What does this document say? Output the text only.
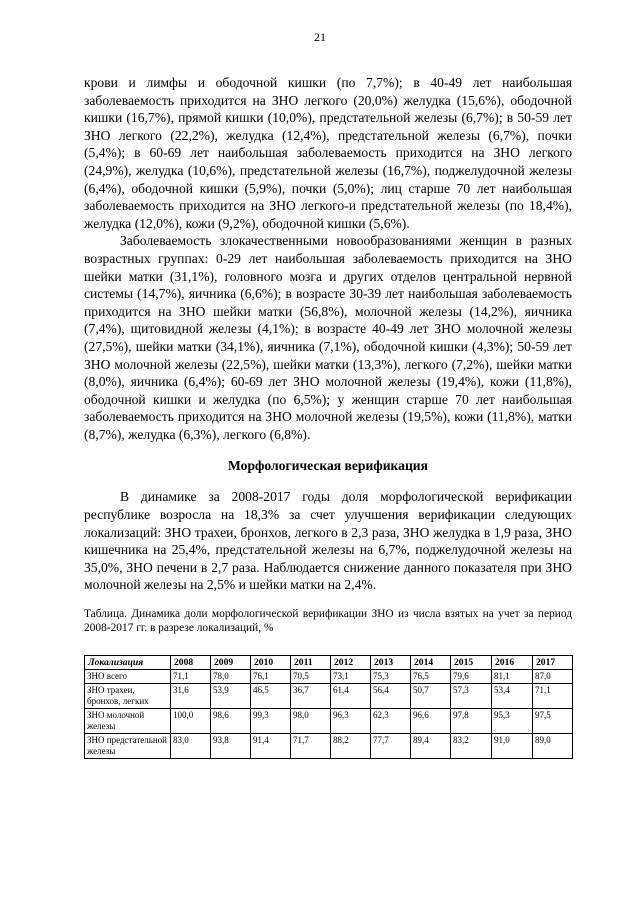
21

крови и лимфы и ободочной кишки (по 7,7%); в 40-49 лет наибольшая заболеваемость приходится на ЗНО легкого (20,0%) желудка (15,6%), ободочной кишки (16,7%), прямой кишки (10,0%), предстательной железы (6,7%); в 50-59 лет ЗНО легкого (22,2%), желудка (12,4%), предстательной железы (6,7%), почки (5,4%); в 60-69 лет наибольшая заболеваемость приходится на ЗНО легкого (24,9%), желудка (10,6%), предстательной железы (16,7%), поджелудочной железы (6,4%), ободочной кишки (5,9%), почки (5,0%); лиц старше 70 лет наибольшая заболеваемость приходится на ЗНО легкого-и предстательной железы (по 18,4%), желудка (12,0%), кожи (9,2%), ободочной кишки (5,6%).

Заболеваемость злокачественными новообразованиями женщин в разных возрастных группах: 0-29 лет наибольшая заболеваемость приходится на ЗНО шейки матки (31,1%), головного мозга и других отделов центральной нервной системы (14,7%), яичника (6,6%); в возрасте 30-39 лет наибольшая заболеваемость приходится на ЗНО шейки матки (56,8%), молочной железы (14,2%), яичника (7,4%), щитовидной железы (4,1%); в возрасте 40-49 лет ЗНО молочной железы (27,5%), шейки матки (34,1%), яичника (7,1%), ободочной кишки (4,3%); 50-59 лет ЗНО молочной железы (22,5%), шейки матки (13,3%), легкого (7,2%), шейки матки (8,0%), яичника (6,4%); 60-69 лет ЗНО молочной железы (19,4%), кожи (11,8%), ободочной кишки и желудка (по 6,5%); у женщин старше 70 лет наибольшая заболеваемость приходится на ЗНО молочной железы (19,5%), кожи (11,8%), матки (8,7%), желудка (6,3%), легкого (6,8%).

Морфологическая верификация

В динамике за 2008-2017 годы доля морфологической верификации республике возросла на 18,3% за счет улучшения верификации следующих локализаций: ЗНО трахеи, бронхов, легкого в 2,3 раза, ЗНО желудка в 1,9 раза, ЗНО кишечника на 25,4%, предстательной железы на 6,7%, поджелудочной железы на 35,0%, ЗНО печени в 2,7 раза. Наблюдается снижение данного показателя при ЗНО молочной железы на 2,5% и шейки матки на 2,4%.

Таблица. Динамика доли морфологической верификации ЗНО из числа взятых на учет за период 2008-2017 гг. в разрезе локализаций, %

Локализация	2008	2009	2010	2011	2012	2013	2014	2015	2016	2017
ЗНО всего	71,1	78,0	76,1	70,5	73,1	75,3	76,5	79,6	81,1	87,0
ЗНО трахеи, бронхов, легких	31,6	53,9	46,5	36,7	61,4	56,4	50,7	57,3	53,4	71,1
ЗНО молочной железы	100,0	98,6	99,3	98,0	96,3	62,3	96,6	97,8	95,3	97,5
ЗНО предстательной железы	83,0	93,8	91,4	71,7	88,2	77,7	89,4	83,2	91,0	89,0
